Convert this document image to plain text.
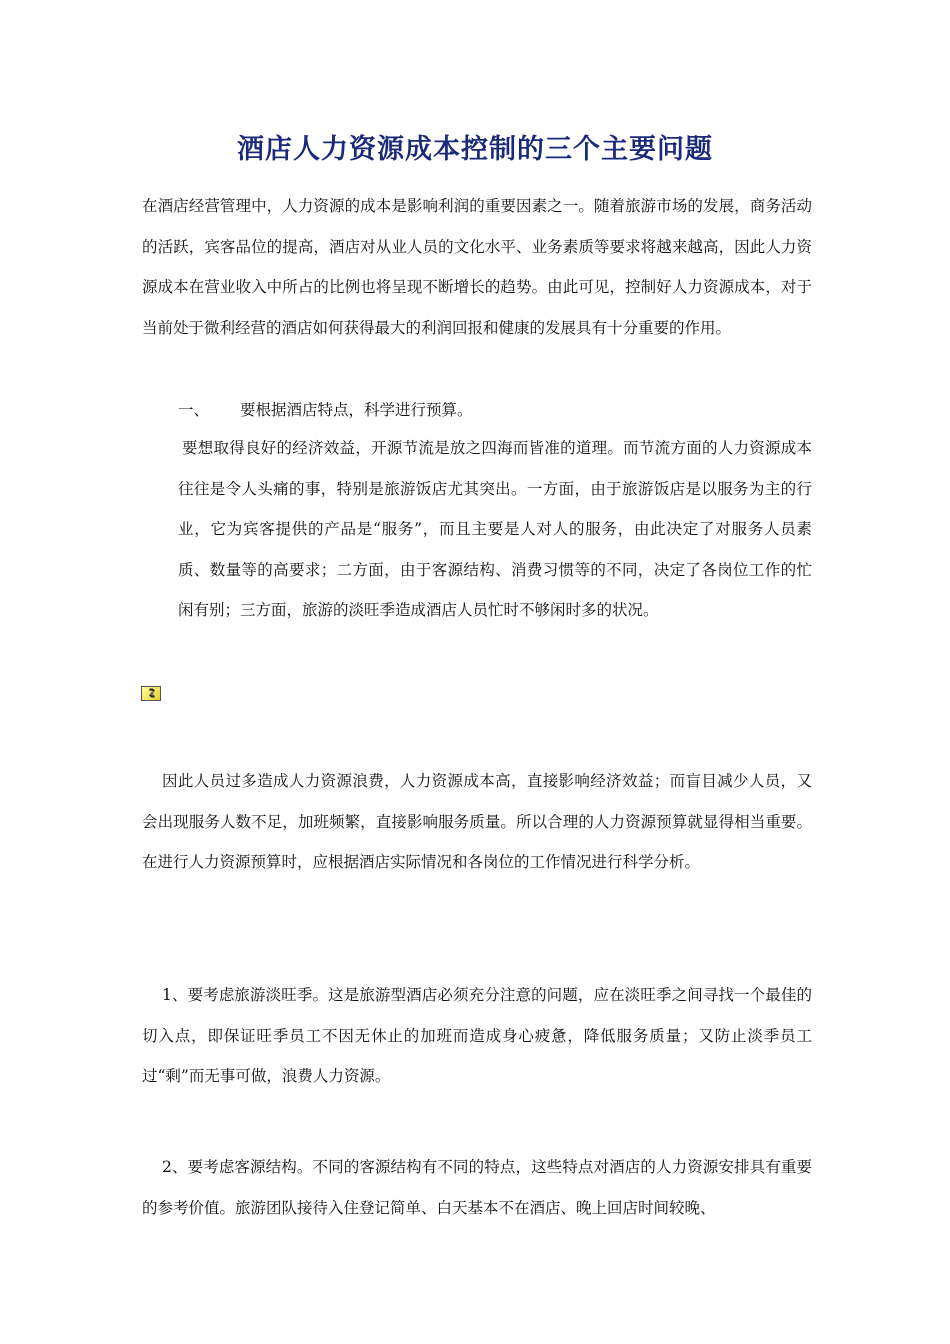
酒店人力资源成本控制的三个主要问题

在酒店经营管理中，人力资源的成本是影响利润的重要因素之一。随着旅游市场的发展，商务活动的活跃，宾客品位的提高，酒店对从业人员的文化水平、业务素质等要求将越来越高，因此人力资源成本在营业收入中所占的比例也将呈现不断增长的趋势。由此可见，控制好人力资源成本，对于当前处于微利经营的酒店如何获得最大的利润回报和健康的发展具有十分重要的作用。

一、 要根据酒店特点，科学进行预算。

要想取得良好的经济效益，开源节流是放之四海而皆准的道理。而节流方面的人力资源成本往往是令人头痛的事，特别是旅游饭店尤其突出。一方面，由于旅游饭店是以服务为主的行业，它为宾客提供的产品是“服务”，而且主要是人对人的服务，由此决定了对服务人员素质、数量等的高要求；二方面，由于客源结构、消费习惯等的不同，决定了各岗位工作的忙闲有别；三方面，旅游的淡旺季造成酒店人员忙时不够闲时多的状况。

因此人员过多造成人力资源浪费，人力资源成本高，直接影响经济效益；而盲目减少人员，又会出现服务人数不足，加班频繁，直接影响服务质量。所以合理的人力资源预算就显得相当重要。在进行人力资源预算时，应根据酒店实际情况和各岗位的工作情况进行科学分析。

1、要考虑旅游淡旺季。这是旅游型酒店必须充分注意的问题，应在淡旺季之间寻找一个最佳的切入点，即保证旺季员工不因无休止的加班而造成身心疲惫，降低服务质量；又防止淡季员工过“剩”而无事可做，浪费人力资源。

2、要考虑客源结构。不同的客源结构有不同的特点，这些特点对酒店的人力资源安排具有重要的参考价值。旅游团队接待入住登记简单、白天基本不在酒店、晚上回店时间较晚、
